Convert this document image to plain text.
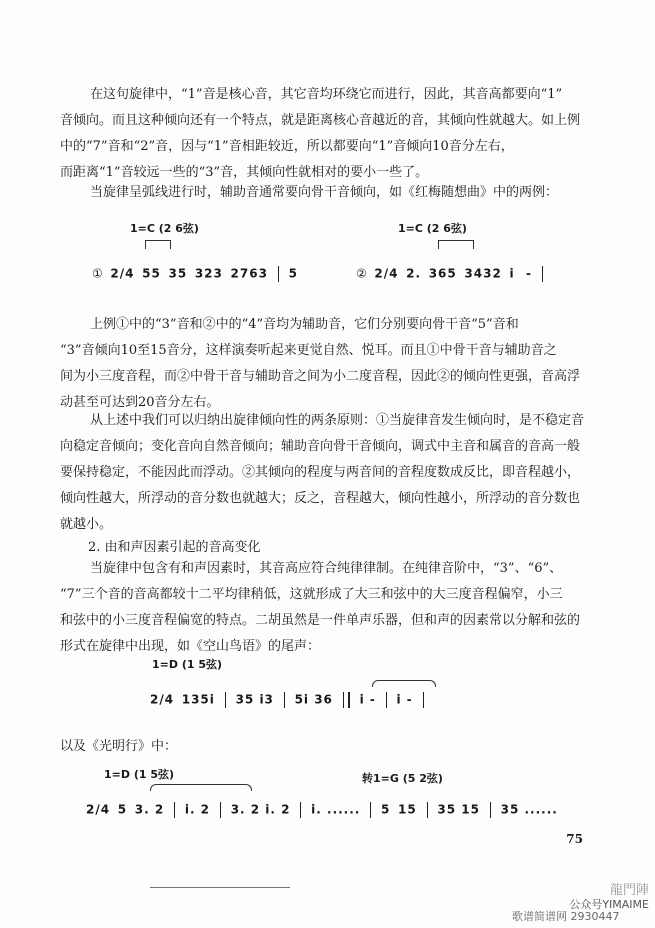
在这句旋律中，“1”音是核心音，其它音均环绕它而进行，因此，其音高都要向“1”
音倾向。而且这种倾向还有一个特点，就是距离核心音越近的音，其倾向性就越大。如上例
中的“7”音和“2”音，因与“1”音相距较近，所以都要向“1”音倾向10音分左右，
而距离“1”音较远一些的“3”音，其倾向性就相对的要小一些了。
当旋律呈弧线进行时，辅助音通常要向骨干音倾向，如《红梅随想曲》中的两例：
1=C (2 6弦)	1=C (2 6弦)
① 2/4 55 35 323 2763 5	② 2/4 2. 365 3432 i -
上例①中的“3”音和②中的“4”音均为辅助音，它们分别要向骨干音“5”音和
“3”音倾向10至15音分，这样演奏听起来更觉自然、悦耳。而且①中骨干音与辅助音之
间为小三度音程，而②中骨干音与辅助音之间为小二度音程，因此②的倾向性更强，音高浮
动甚至可达到20音分左右。
从上述中我们可以归纳出旋律倾向性的两条原则：①当旋律音发生倾向时，是不稳定音
向稳定音倾向；变化音向自然音倾向；辅助音向骨干音倾向，调式中主音和属音的音高一般
要保持稳定，不能因此而浮动。②其倾向的程度与两音间的音程度数成反比，即音程越小，
倾向性越大，所浮动的音分数也就越大；反之，音程越大，倾向性越小，所浮动的音分数也
就越小。
2. 由和声因素引起的音高变化
当旋律中包含有和声因素时，其音高应符合纯律律制。在纯律音阶中，“3”、“6”、
“7”三个音的音高都较十二平均律稍低，这就形成了大三和弦中的大三度音程偏窄，小三
和弦中的小三度音程偏宽的特点。二胡虽然是一件单声乐器，但和声的因素常以分解和弦的
形式在旋律中出现，如《空山鸟语》的尾声：
1=D (1 5弦)
2/4 135i 35 i3 5i 36 i - i -
以及《光明行》中：
1=D (1 5弦)	转1=G (5 2弦)
2/4 5 3. 2 i. 2 3. 2 i. 2 i. ...... 5 15 35 15 35 ......
75
龍門陣
公众号YIMAIME
歌谱简谱网 2930447
